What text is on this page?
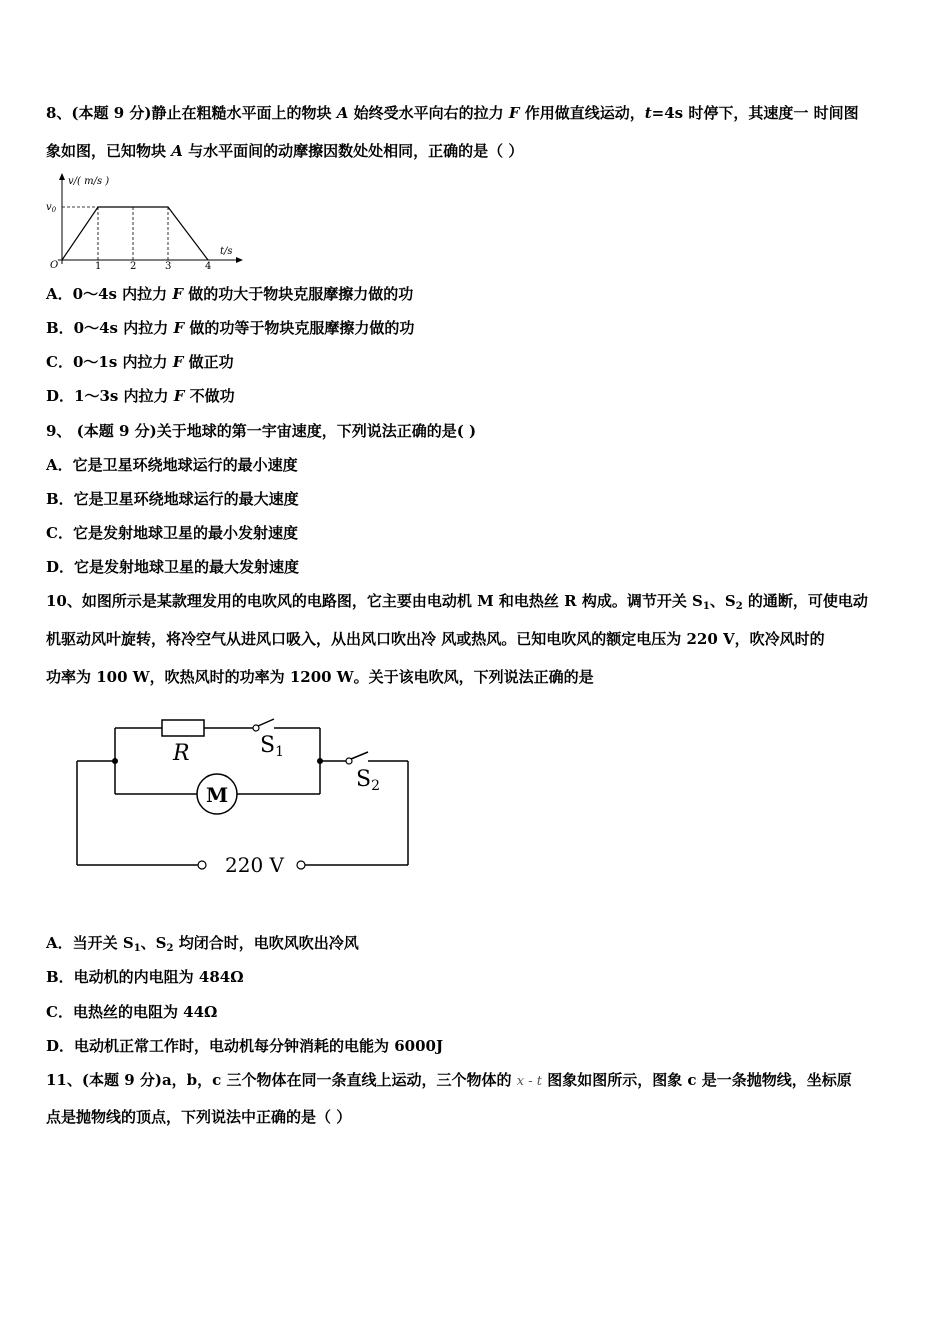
8、(本题 9 分)静止在粗糙水平面上的物块 A 始终受水平向右的拉力 F 作用做直线运动，t=4s 时停下，其速度一 时间图
象如图，已知物块 A 与水平面间的动摩擦因数处处相同，正确的是（ ）
v/( m/s )
$v_0$
t/s
O	1	2	3	4
A．0～4s 内拉力 F 做的功大于物块克服摩擦力做的功
B．0～4s 内拉力 F 做的功等于物块克服摩擦力做的功
C．0～1s 内拉力 F 做正功
D．1～3s 内拉力 F 不做功
9、 (本题 9 分)关于地球的第一宇宙速度，下列说法正确的是( )
A．它是卫星环绕地球运行的最小速度
B．它是卫星环绕地球运行的最大速度
C．它是发射地球卫星的最小发射速度
D．它是发射地球卫星的最大发射速度
10、如图所示是某款理发用的电吹风的电路图，它主要由电动机 M 和电热丝 R 构成。调节开关 $S_1$、$S_2$ 的通断，可使电动
机驱动风叶旋转，将冷空气从进风口吸入，从出风口吹出冷 风或热风。已知电吹风的额定电压为 220 V，吹冷风时的
功率为 100 W，吹热风时的功率为 1200 W。关于该电吹风，下列说法正确的是
R	S1
M
220 V
S2
A．当开关 $S_1$、$S_2$ 均闭合时，电吹风吹出冷风
B．电动机的内电阻为 484Ω
C．电热丝的电阻为 44Ω
D．电动机正常工作时，电动机每分钟消耗的电能为 6000J
11、(本题 9 分)a，b，c 三个物体在同一条直线上运动，三个物体的 x - t 图象如图所示，图象 c 是一条抛物线，坐标原
点是抛物线的顶点，下列说法中正确的是（ ）
